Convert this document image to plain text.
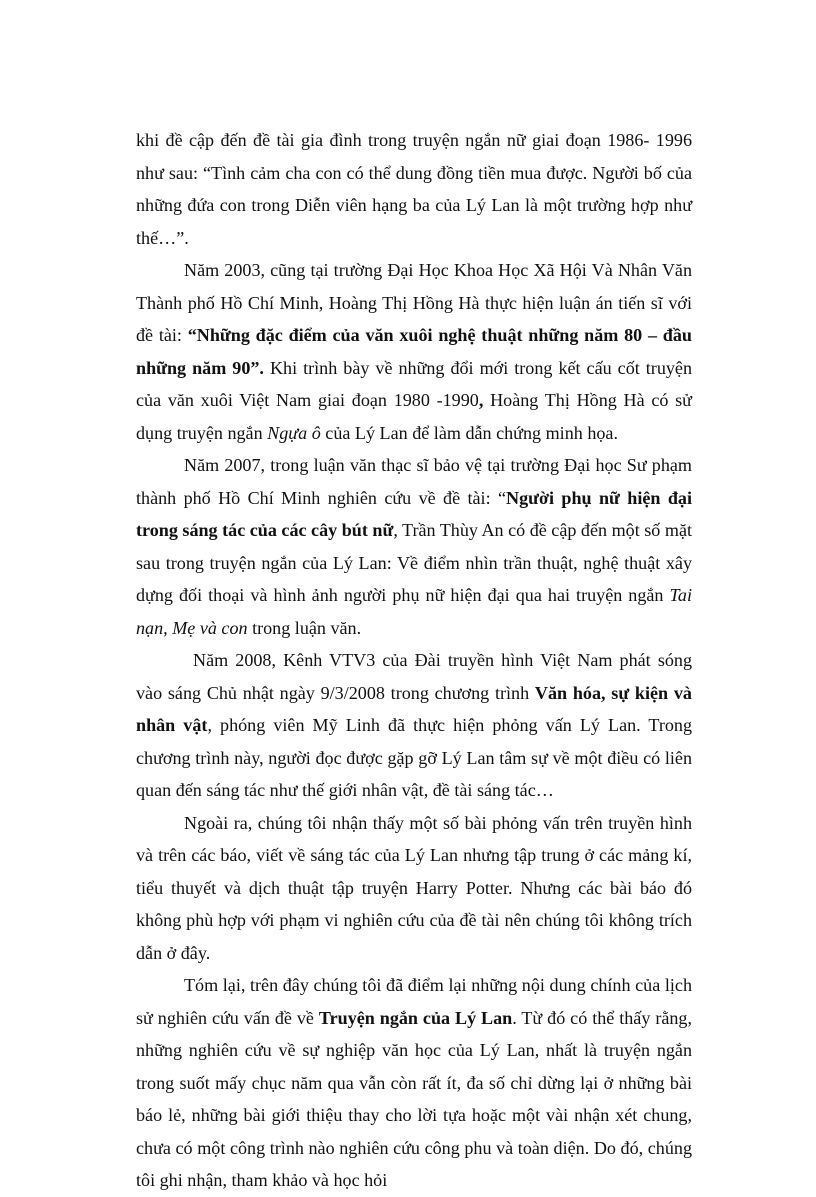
khi đề cập đến đề tài gia đình trong truyện ngắn nữ giai đoạn 1986- 1996 như sau: “Tình cảm cha con có thể dung đồng tiền mua được. Người bố của những đứa con trong Diễn viên hạng ba của Lý Lan là một trường hợp như thế…”.

Năm 2003, cũng tại trường Đại Học Khoa Học Xã Hội Và Nhân Văn Thành phố Hồ Chí Minh, Hoàng Thị Hồng Hà thực hiện luận án tiến sĩ với đề tài: “Những đặc điểm của văn xuôi nghệ thuật những năm 80 – đầu những năm 90”. Khi trình bày về những đổi mới trong kết cấu cốt truyện của văn xuôi Việt Nam giai đoạn 1980 -1990, Hoàng Thị Hồng Hà có sử dụng truyện ngắn Ngựa ô của Lý Lan để làm dẫn chứng minh họa.

Năm 2007, trong luận văn thạc sĩ bảo vệ tại trường Đại học Sư phạm thành phố Hồ Chí Minh nghiên cứu về đề tài: “Người phụ nữ hiện đại trong sáng tác của các cây bút nữ, Trần Thùy An có đề cập đến một số mặt sau trong truyện ngắn của Lý Lan: Về điểm nhìn trần thuật, nghệ thuật xây dựng đối thoại và hình ảnh người phụ nữ hiện đại qua hai truyện ngắn Tai nạn, Mẹ và con trong luận văn.

Năm 2008, Kênh VTV3 của Đài truyền hình Việt Nam phát sóng vào sáng Chủ nhật ngày 9/3/2008 trong chương trình Văn hóa, sự kiện và nhân vật, phóng viên Mỹ Linh đã thực hiện phỏng vấn Lý Lan. Trong chương trình này, người đọc được gặp gỡ Lý Lan tâm sự về một điều có liên quan đến sáng tác như thế giới nhân vật, đề tài sáng tác…

Ngoài ra, chúng tôi nhận thấy một số bài phỏng vấn trên truyền hình và trên các báo, viết về sáng tác của Lý Lan nhưng tập trung ở các mảng kí, tiểu thuyết và dịch thuật tập truyện Harry Potter. Nhưng các bài báo đó không phù hợp với phạm vi nghiên cứu của đề tài nên chúng tôi không trích dẫn ở đây.

Tóm lại, trên đây chúng tôi đã điểm lại những nội dung chính của lịch sử nghiên cứu vấn đề về Truyện ngắn của Lý Lan. Từ đó có thể thấy rằng, những nghiên cứu về sự nghiệp văn học của Lý Lan, nhất là truyện ngắn trong suốt mấy chục năm qua vẫn còn rất ít, đa số chỉ dừng lại ở những bài báo lẻ, những bài giới thiệu thay cho lời tựa hoặc một vài nhận xét chung, chưa có một công trình nào nghiên cứu công phu và toàn diện. Do đó, chúng tôi ghi nhận, tham khảo và học hỏi
